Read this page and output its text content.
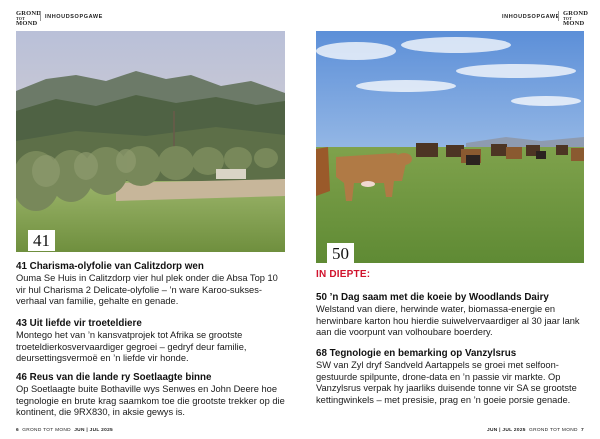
GROND
TOT
MOND
INHOUDSOPGAWE
41
41 Charisma-olyfolie van Calitzdorp wen
Ouma Se Huis in Calitzdorp vier hul plek onder die Absa Top 10 vir hul Charisma 2 Delicate-olyfolie – ’n ware Karoo-sukses-verhaal van familie, gehalte en genade.
43 Uit liefde vir troeteldiere
Montego het van ’n kansvatprojek tot Afrika se grootste troeteldierkosvervaardiger gegroei – gedryf deur familie, deursettingsvermoë en ’n liefde vir honde.
46 Reus van die lande ry Soetlaagte binne
Op Soetlaagte buite Bothaville wys Senwes en John Deere hoe tegnologie en brute krag saamkom toe die grootste trekker op die kontinent, die 9RX830, in aksie gewys is.
6 GROND TOT MOND JUN | JUL 2025
INHOUDSOPGAWE GROND
TOT
MOND
50
IN DIEPTE:
50 ’n Dag saam met die koeie by Woodlands Dairy
Welstand van diere, herwinde water, biomassa-energie en herwinbare karton hou hierdie suiwelvervaardiger al 30 jaar lank aan die voorpunt van volhoubare boerdery.
68 Tegnologie en bemarking op Vanzylsrus
SW van Zyl dryf Sandveld Aartappels se groei met selfoon-gestuurde spilpunte, drone-data en ’n passie vir markte. Op Vanzylsrus verpak hy jaarliks duisende tonne vir SA se grootste kettingwinkels – met presisie, prag en ’n goeie porsie genade.
JUN | JUL 2025 GROND TOT MOND 7
